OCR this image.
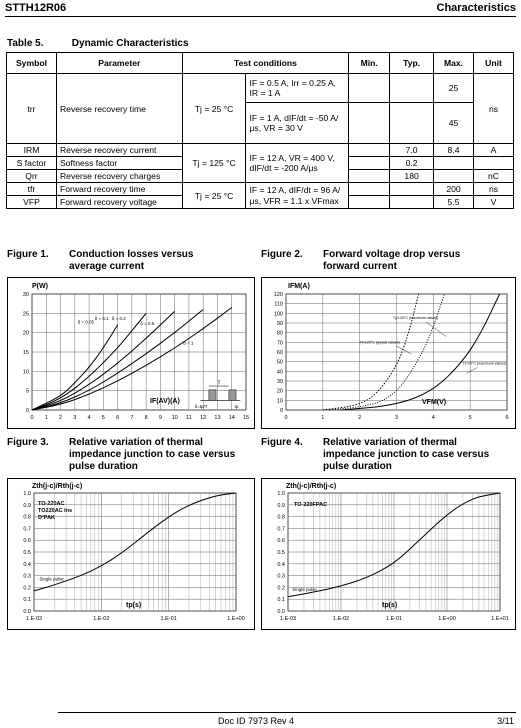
STTH12R06	Characteristics
Table 5.	Dynamic Characteristics
Symbol	Parameter	Test conditions		Min.	Typ.	Max.	Unit
trr	Reverse recovery time	Tj = 25 °C	IF = 0.5 A, Irr = 0.25 A, IR = 1 A			25	ns
			IF = 1 A, dIF/dt = -50 A/μs, VR = 30 V			45	
IRM	Reverse recovery current	Tj = 125 °C	IF = 12 A, VR = 400 V, dIF/dt = -200 A/μs		7.0	8.4	A
S factor	Softness factor				0.2		
Qrr	Reverse recovery charges				180		nC
tfr	Forward recovery time	Tj = 25 °C	IF = 12 A, dIF/dt = 96 A/μs, VFR = 1.1 x VFmax			200	ns
VFP	Forward recovery voltage					5.5	V
Figure 1.	Conduction losses versus
average current
Figure 2.	Forward voltage drop versus
forward current
0 1 2 3 4 5 6 7 8 9 10 11 12 13 14 15
0
5
10
15
20
25
30
P(W)
IF(AV)(A)
δ = 0.05
δ = 0.1 δ = 0.2
δ = 0.5
δ = 1
T
δ=tp/T	tp
0	1	2	3	4	5	6
0
10
20
30
40
50
60
70
80
90
100
110
120
IFM(A)
VFM(V)
Tj=125°C (maximum values)
Tj=125°C (typical values)
Tj=25°C (maximum values)
Figure 3.	Relative variation of thermal
impedance junction to case versus
pulse duration
Figure 4.	Relative variation of thermal
impedance junction to case versus
pulse duration
1.E-03	1.E-02	1.E-01	1.E+00
0.0
0.1
0.2
0.3
0.4
0.5
0.6
0.7
0.8
0.9
1.0
Zth(j-c)/Rth(j-c)
tp(s)
TO-220AC
TO220AC Ins
D²PAK
Single pulse
1.E-03	1.E-02	1.E-01	1.E+00	1.E+01
0.0
0.1
0.2
0.3
0.4
0.5
0.6
0.7
0.8
0.9
1.0
Zth(j-c)/Rth(j-c)
tp(s)
TO-220FPAC
Single pulse
Doc ID 7973 Rev 4	3/11
